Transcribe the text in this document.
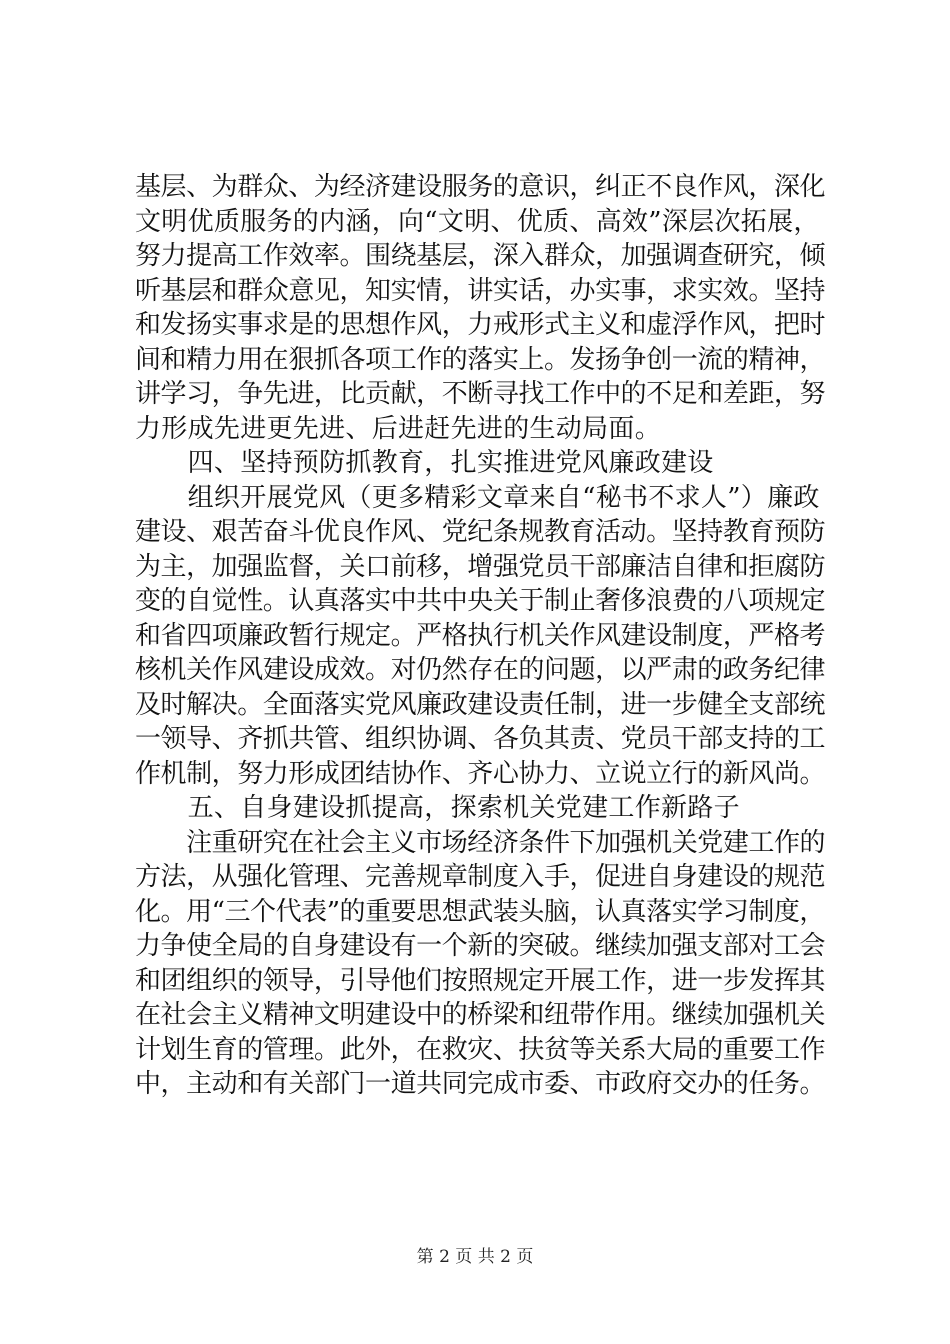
基层、为群众、为经济建设服务的意识，纠正不良作风，深化
文明优质服务的内涵，向“文明、优质、高效”深层次拓展，
努力提高工作效率。围绕基层，深入群众，加强调查研究，倾
听基层和群众意见，知实情，讲实话，办实事，求实效。坚持
和发扬实事求是的思想作风，力戒形式主义和虚浮作风，把时
间和精力用在狠抓各项工作的落实上。发扬争创一流的精神，
讲学习，争先进，比贡献，不断寻找工作中的不足和差距，努
力形成先进更先进、后进赶先进的生动局面。
　　四、坚持预防抓教育，扎实推进党风廉政建设
　　组织开展党风（更多精彩文章来自“秘书不求人”）廉政
建设、艰苦奋斗优良作风、党纪条规教育活动。坚持教育预防
为主，加强监督，关口前移，增强党员干部廉洁自律和拒腐防
变的自觉性。认真落实中共中央关于制止奢侈浪费的八项规定
和省四项廉政暂行规定。严格执行机关作风建设制度，严格考
核机关作风建设成效。对仍然存在的问题，以严肃的政务纪律
及时解决。全面落实党风廉政建设责任制，进一步健全支部统
一领导、齐抓共管、组织协调、各负其责、党员干部支持的工
作机制，努力形成团结协作、齐心协力、立说立行的新风尚。
　　五、自身建设抓提高，探索机关党建工作新路子
　　注重研究在社会主义市场经济条件下加强机关党建工作的
方法，从强化管理、完善规章制度入手，促进自身建设的规范
化。用“三个代表”的重要思想武装头脑，认真落实学习制度，
力争使全局的自身建设有一个新的突破。继续加强支部对工会
和团组织的领导，引导他们按照规定开展工作，进一步发挥其
在社会主义精神文明建设中的桥梁和纽带作用。继续加强机关
计划生育的管理。此外，在救灾、扶贫等关系大局的重要工作
中，主动和有关部门一道共同完成市委、市政府交办的任务。
第 2 页 共 2 页
